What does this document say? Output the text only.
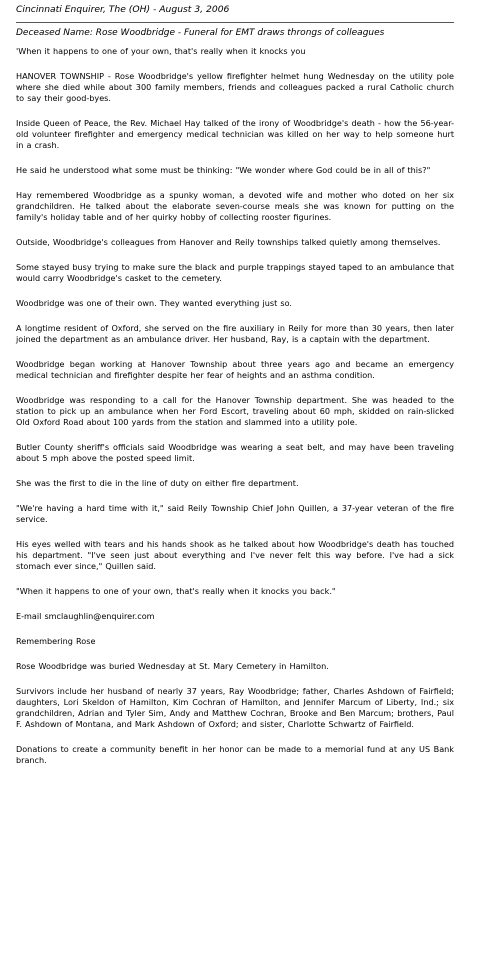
Cincinnati Enquirer, The (OH) - August 3, 2006
Deceased Name: Rose Woodbridge - Funeral for EMT draws throngs of colleagues

'When it happens to one of your own, that's really when it knocks you

HANOVER TOWNSHIP - Rose Woodbridge's yellow firefighter helmet hung Wednesday on the utility pole where she died while about 300 family members, friends and colleagues packed a rural Catholic church to say their good-byes.

Inside Queen of Peace, the Rev. Michael Hay talked of the irony of Woodbridge's death - how the 56-year-old volunteer firefighter and emergency medical technician was killed on her way to help someone hurt in a crash.

He said he understood what some must be thinking: "We wonder where God could be in all of this?"

Hay remembered Woodbridge as a spunky woman, a devoted wife and mother who doted on her six grandchildren. He talked about the elaborate seven-course meals she was known for putting on the family's holiday table and of her quirky hobby of collecting rooster figurines.

Outside, Woodbridge's colleagues from Hanover and Reily townships talked quietly among themselves.

Some stayed busy trying to make sure the black and purple trappings stayed taped to an ambulance that would carry Woodbridge's casket to the cemetery.

Woodbridge was one of their own. They wanted everything just so.

A longtime resident of Oxford, she served on the fire auxiliary in Reily for more than 30 years, then later joined the department as an ambulance driver. Her husband, Ray, is a captain with the department.

Woodbridge began working at Hanover Township about three years ago and became an emergency medical technician and firefighter despite her fear of heights and an asthma condition.

Woodbridge was responding to a call for the Hanover Township department. She was headed to the station to pick up an ambulance when her Ford Escort, traveling about 60 mph, skidded on rain-slicked Old Oxford Road about 100 yards from the station and slammed into a utility pole.

Butler County sheriff's officials said Woodbridge was wearing a seat belt, and may have been traveling about 5 mph above the posted speed limit.

She was the first to die in the line of duty on either fire department.

"We're having a hard time with it," said Reily Township Chief John Quillen, a 37-year veteran of the fire service.

His eyes welled with tears and his hands shook as he talked about how Woodbridge's death has touched his department. "I've seen just about everything and I've never felt this way before. I've had a sick stomach ever since," Quillen said.

"When it happens to one of your own, that's really when it knocks you back."

E-mail smclaughlin@enquirer.com

Remembering Rose

Rose Woodbridge was buried Wednesday at St. Mary Cemetery in Hamilton.

Survivors include her husband of nearly 37 years, Ray Woodbridge; father, Charles Ashdown of Fairfield; daughters, Lori Skeldon of Hamilton, Kim Cochran of Hamilton, and Jennifer Marcum of Liberty, Ind.; six grandchildren, Adrian and Tyler Sim, Andy and Matthew Cochran, Brooke and Ben Marcum; brothers, Paul F. Ashdown of Montana, and Mark Ashdown of Oxford; and sister, Charlotte Schwartz of Fairfield.

Donations to create a community benefit in her honor can be made to a memorial fund at any US Bank branch.
